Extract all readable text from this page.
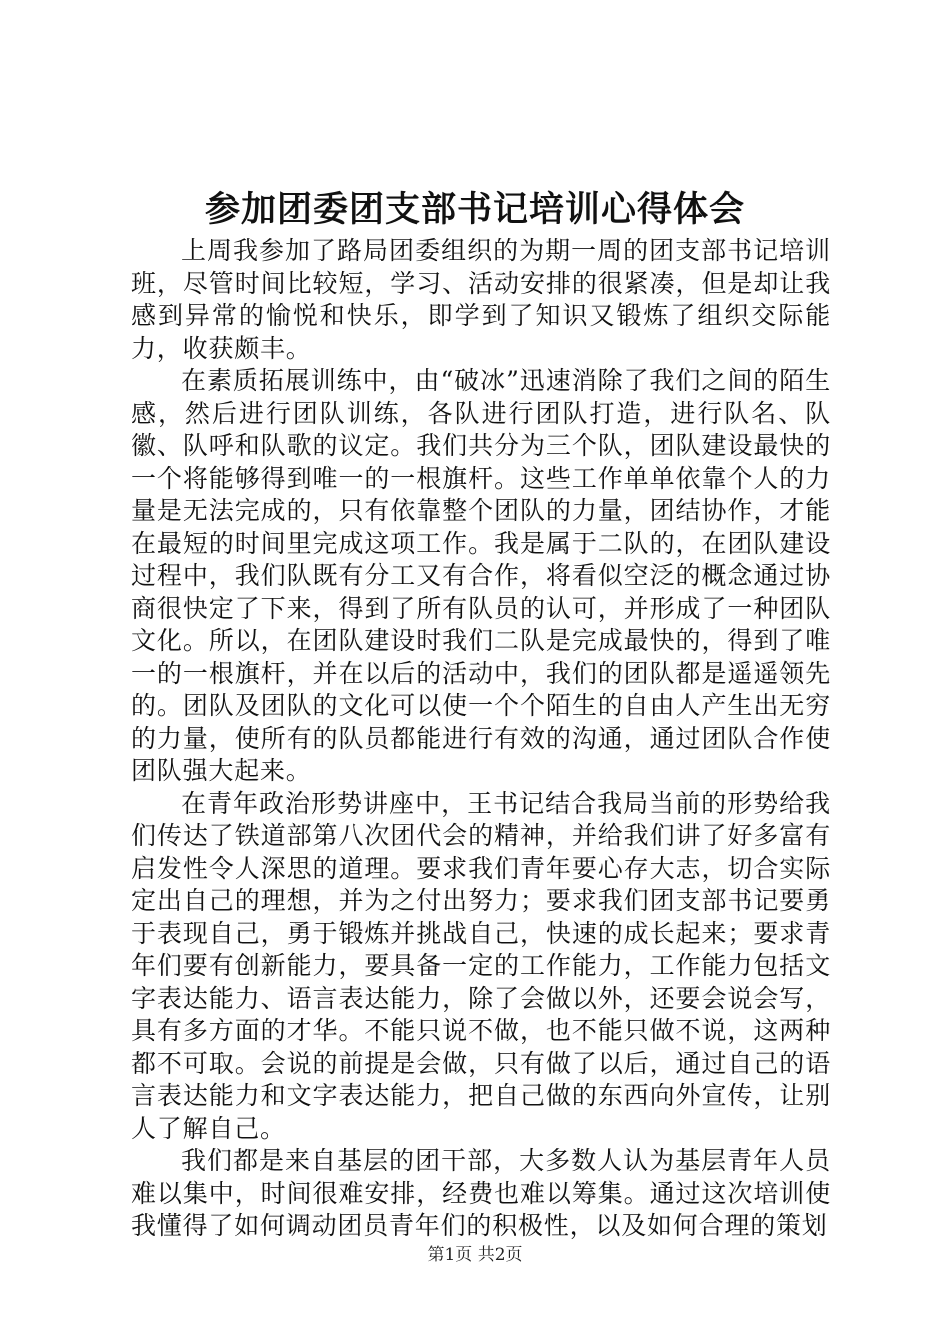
参加团委团支部书记培训心得体会

上周我参加了路局团委组织的为期一周的团支部书记培训班，尽管时间比较短，学习、活动安排的很紧凑，但是却让我感到异常的愉悦和快乐，即学到了知识又锻炼了组织交际能力，收获颇丰。

在素质拓展训练中，由“破冰”迅速消除了我们之间的陌生感，然后进行团队训练，各队进行团队打造，进行队名、队徽、队呼和队歌的议定。我们共分为三个队，团队建设最快的一个将能够得到唯一的一根旗杆。这些工作单单依靠个人的力量是无法完成的，只有依靠整个团队的力量，团结协作，才能在最短的时间里完成这项工作。我是属于二队的，在团队建设过程中，我们队既有分工又有合作，将看似空泛的概念通过协商很快定了下来，得到了所有队员的认可，并形成了一种团队文化。所以，在团队建设时我们二队是完成最快的，得到了唯一的一根旗杆，并在以后的活动中，我们的团队都是遥遥领先的。团队及团队的文化可以使一个个陌生的自由人产生出无穷的力量，使所有的队员都能进行有效的沟通，通过团队合作使团队强大起来。

在青年政治形势讲座中，王书记结合我局当前的形势给我们传达了铁道部第八次团代会的精神，并给我们讲了好多富有启发性令人深思的道理。要求我们青年要心存大志，切合实际定出自己的理想，并为之付出努力；要求我们团支部书记要勇于表现自己，勇于锻炼并挑战自己，快速的成长起来；要求青年们要有创新能力，要具备一定的工作能力，工作能力包括文字表达能力、语言表达能力，除了会做以外，还要会说会写，具有多方面的才华。不能只说不做，也不能只做不说，这两种都不可取。会说的前提是会做，只有做了以后，通过自己的语言表达能力和文字表达能力，把自己做的东西向外宣传，让别人了解自己。

我们都是来自基层的团干部，大多数人认为基层青年人员难以集中，时间很难安排，经费也难以筹集。通过这次培训使我懂得了如何调动团员青年们的积极性，以及如何合理的策划

第1页 共2页
